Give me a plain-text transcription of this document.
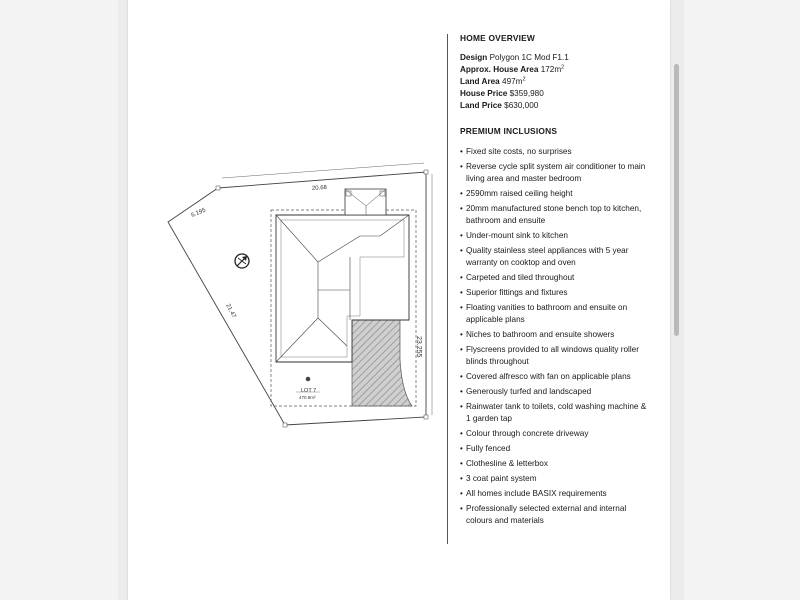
20.68
6.195
21.47
23.255
LOT 7
470.9m²
HOME OVERVIEW
Design Polygon 1C Mod F1.1
Approx. House Area $172m^2$
Land Area $497m^2$
House Price $359,980
Land Price $630,000
PREMIUM INCLUSIONS
• Fixed site costs, no surprises
• Reverse cycle split system air conditioner to main living area and master bedroom
• 2590mm raised ceiling height
• 20mm manufactured stone bench top to kitchen, bathroom and ensuite
• Under-mount sink to kitchen
• Quality stainless steel appliances with 5 year warranty on cooktop and oven
• Carpeted and tiled throughout
• Superior fittings and fixtures
• Floating vanities to bathroom and ensuite on applicable plans
• Niches to bathroom and ensuite showers
• Flyscreens provided to all windows quality roller blinds throughout
• Covered alfresco with fan on applicable plans
• Generously turfed and landscaped
• Rainwater tank to toilets, cold washing machine & 1 garden tap
• Colour through concrete driveway
• Fully fenced
• Clothesline & letterbox
• 3 coat paint system
• All homes include BASIX requirements
• Professionally selected external and internal colours and materials
